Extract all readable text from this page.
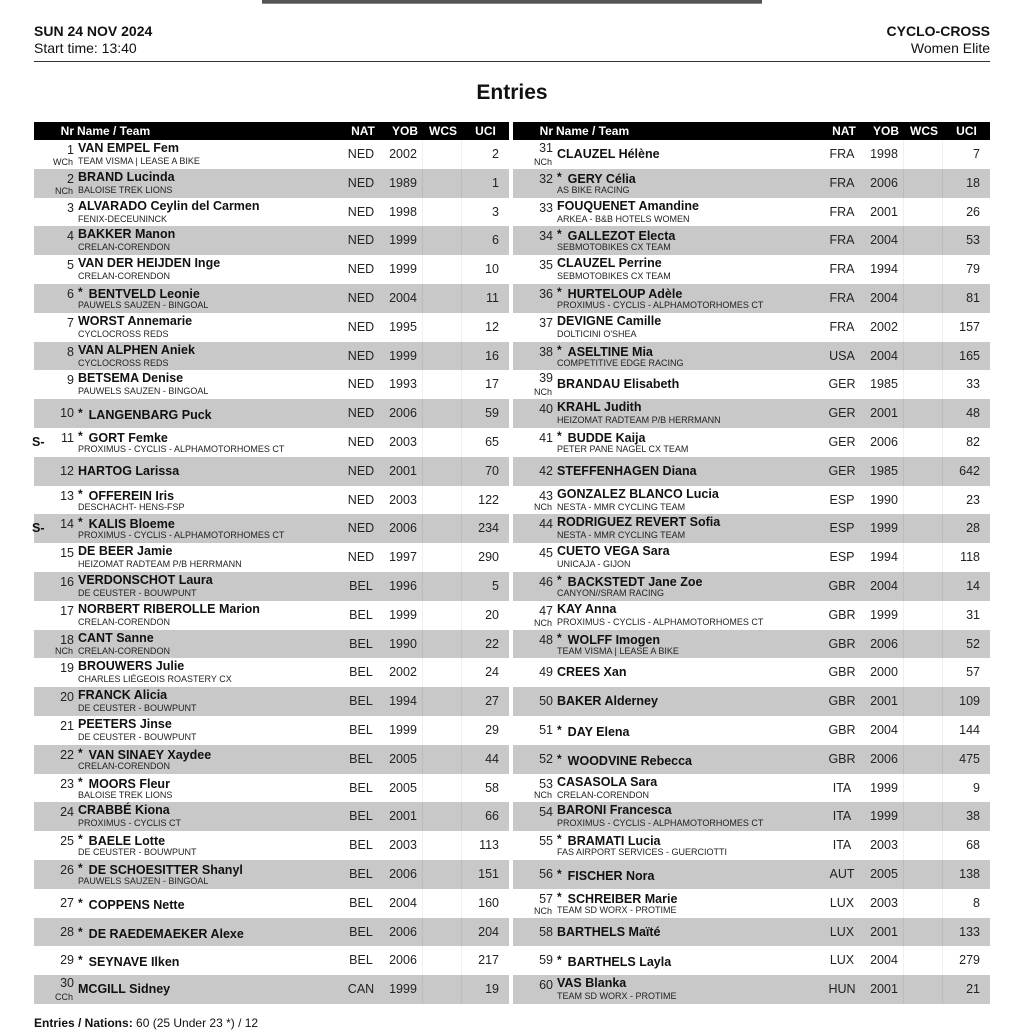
SUN 24 NOV 2024
Start time: 13:40
CYCLO-CROSS
Women Elite
Entries
Nr Name / Team	NAT	YOB WCS	UCI
1
WCh
VAN EMPEL Fem
TEAM VISMA | LEASE A BIKE	NED	2002	2
2
NCh
BRAND Lucinda
BALOISE TREK LIONS	NED	1989	1
3 ALVARADO Ceylin del Carmen
FENIX-DECEUNINCK	NED	1998	3
4 BAKKER Manon
CRELAN-CORENDON	NED	1999	6
5 VAN DER HEIJDEN Inge
CRELAN-CORENDON	NED	1999	10
6 * BENTVELD Leonie
PAUWELS SAUZEN - BINGOAL	NED	2004	11
7 WORST Annemarie
CYCLOCROSS REDS	NED	1995	12
8 VAN ALPHEN Aniek
CYCLOCROSS REDS	NED	1999	16
9 BETSEMA Denise
PAUWELS SAUZEN - BINGOAL	NED	1993	17
10 * LANGENBARG Puck	NED	2006	59
S- 11 * GORT Femke
PROXIMUS - CYCLIS - ALPHAMOTORHOMES CT	NED	2003	65
12 HARTOG Larissa	NED	2001	70
13 * OFFEREIN Iris
DESCHACHT- HENS-FSP	NED	2003	122
S- 14 * KALIS Bloeme
PROXIMUS - CYCLIS - ALPHAMOTORHOMES CT	NED	2006	234
15 DE BEER Jamie
HEIZOMAT RADTEAM P/B HERRMANN	NED	1997	290
16 VERDONSCHOT Laura
DE CEUSTER - BOUWPUNT	BEL	1996	5
17 NORBERT RIBEROLLE Marion
CRELAN-CORENDON	BEL	1999	20
18
NCh
CANT Sanne
CRELAN-CORENDON	BEL	1990	22
19 BROUWERS Julie
CHARLES LIÉGEOIS ROASTERY CX	BEL	2002	24
20 FRANCK Alicia
DE CEUSTER - BOUWPUNT	BEL	1994	27
21 PEETERS Jinse
DE CEUSTER - BOUWPUNT	BEL	1999	29
22 * VAN SINAEY Xaydee
CRELAN-CORENDON	BEL	2005	44
23 * MOORS Fleur
BALOISE TREK LIONS	BEL	2005	58
24 CRABBÉ Kiona
PROXIMUS - CYCLIS CT	BEL	2001	66
25 * BAELE Lotte
DE CEUSTER - BOUWPUNT	BEL	2003	113
26 * DE SCHOESITTER Shanyl
PAUWELS SAUZEN - BINGOAL	BEL	2006	151
27 * COPPENS Nette	BEL	2004	160
28 * DE RAEDEMAEKER Alexe	BEL	2006	204
29 * SEYNAVE Ilken	BEL	2006	217
30
CCh
MCGILL Sidney	CAN	1999	19
Nr Name / Team	NAT	YOB WCS	UCI
31
NCh
CLAUZEL Hélène	FRA	1998	7
32 * GERY Célia
AS BIKE RACING	FRA	2006	18
33 FOUQUENET Amandine
ARKEA - B&B HOTELS WOMEN	FRA	2001	26
34 * GALLEZOT Electa
SEBMOTOBIKES CX TEAM	FRA	2004	53
35 CLAUZEL Perrine
SEBMOTOBIKES CX TEAM	FRA	1994	79
36 * HURTELOUP Adèle
PROXIMUS - CYCLIS - ALPHAMOTORHOMES CT	FRA	2004	81
37 DEVIGNE Camille
DOLTICINI O'SHEA	FRA	2002	157
38 * ASELTINE Mia
COMPETITIVE EDGE RACING	USA	2004	165
39
NCh
BRANDAU Elisabeth	GER	1985	33
40 KRAHL Judith
HEIZOMAT RADTEAM P/B HERRMANN	GER	2001	48
41 * BUDDE Kaija
PETER PANE NAGEL CX TEAM	GER	2006	82
42 STEFFENHAGEN Diana	GER	1985	642
43
NCh
GONZALEZ BLANCO Lucia
NESTA - MMR CYCLING TEAM	ESP	1990	23
44 RODRIGUEZ REVERT Sofia
NESTA - MMR CYCLING TEAM	ESP	1999	28
45 CUETO VEGA Sara
UNICAJA - GIJON	ESP	1994	118
46 * BACKSTEDT Jane Zoe
CANYON//SRAM RACING	GBR	2004	14
47
NCh
KAY Anna
PROXIMUS - CYCLIS - ALPHAMOTORHOMES CT	GBR	1999	31
48 * WOLFF Imogen
TEAM VISMA | LEASE A BIKE	GBR	2006	52
49 CREES Xan	GBR	2000	57
50 BAKER Alderney	GBR	2001	109
51 * DAY Elena	GBR	2004	144
52 * WOODVINE Rebecca	GBR	2006	475
53
NCh
CASASOLA Sara
CRELAN-CORENDON	ITA	1999	9
54 BARONI Francesca
PROXIMUS - CYCLIS - ALPHAMOTORHOMES CT	ITA	1999	38
55 * BRAMATI Lucia
FAS AIRPORT SERVICES - GUERCIOTTI	ITA	2003	68
56 * FISCHER Nora	AUT	2005	138
57
NCh
* SCHREIBER Marie
TEAM SD WORX - PROTIME	LUX	2003	8
58 BARTHELS Maïté	LUX	2001	133
59 * BARTHELS Layla	LUX	2004	279
60 VAS Blanka
TEAM SD WORX - PROTIME	HUN	2001	21
Entries / Nations: 60 (25 Under 23 *) / 12
